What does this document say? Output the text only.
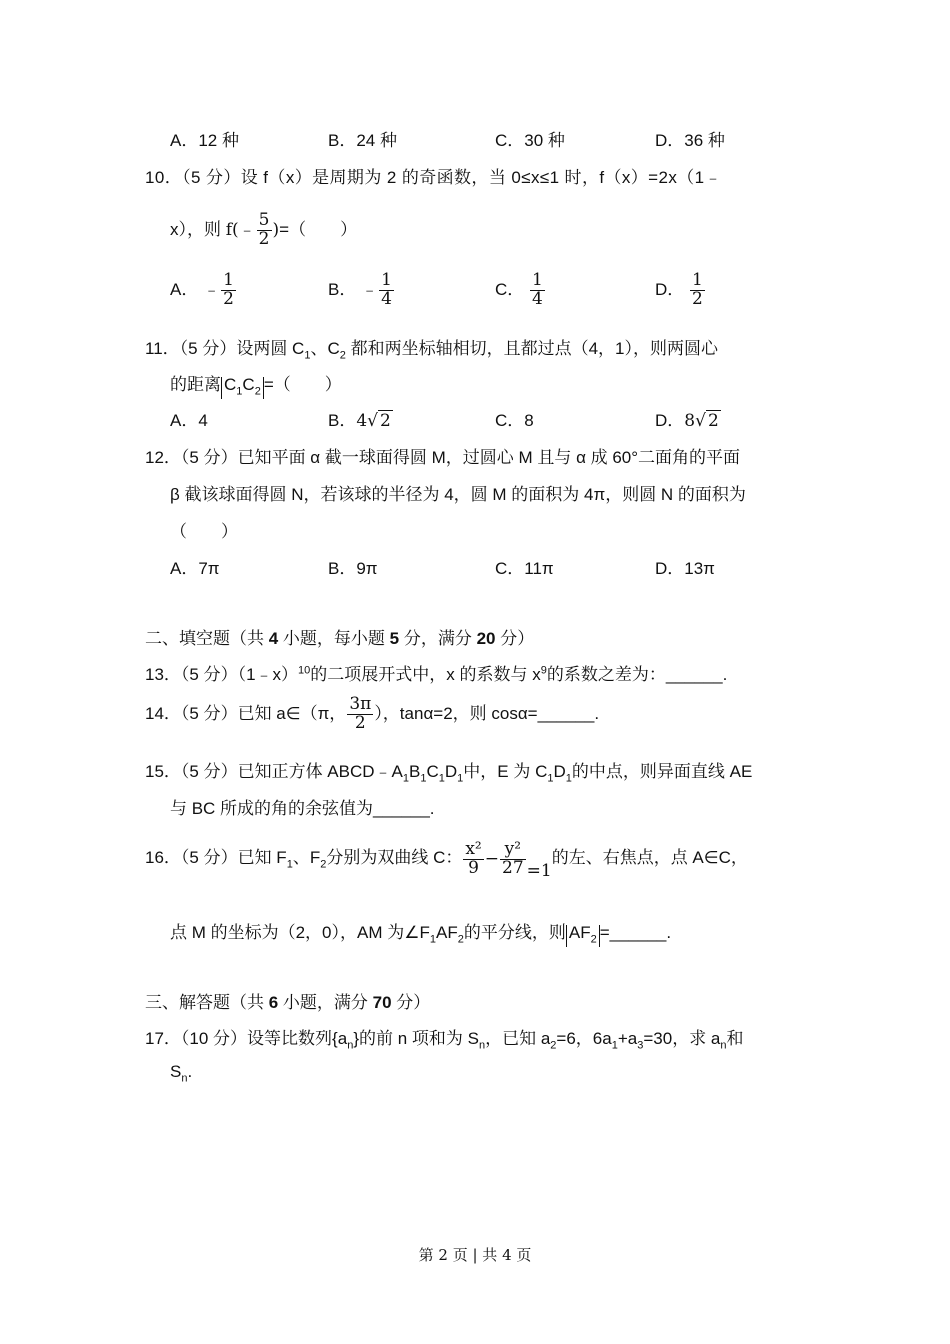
A．12 种	B．24 种	C．30 种	D．36 种
10．（5 分）设 f（x）是周期为 2 的奇函数，当 0≤x≤1 时，f（x）=2x（1﹣
x），则 f(﹣ $\frac{5}{2}$ )=（　　）
A． ﹣ $\frac{1}{2}$	B． ﹣ $\frac{1}{4}$	C． $\frac{1}{4}$	D． $\frac{1}{2}$
11．（5 分）设两圆 $C_1$、$C_2$ 都和两坐标轴相切，且都过点（4，1），则两圆心
的距离 $C_1C_2$ =（　　）
A．4	B．4√ 2	C．8	D．8√ 2
12．（5 分）已知平面 α 截一球面得圆 M，过圆心 M 且与 α 成 60°二面角的平面
β 截该球面得圆 N，若该球的半径为 4，圆 M 的面积为 4π，则圆 N 的面积为
（　　）
A．7π	B．9π	C．11π	D．13π
二、填空题（共 4 小题，每小题 5 分，满分 20 分）
13．（5 分）（1﹣x）$^{10}$的二项展开式中，x 的系数与 $x^9$的系数之差为：______.
14．（5 分）已知 a∈（π， $\frac{3\pi}{2}$ ），tanα=2，则 cosα=______.
15．（5 分）已知正方体 $ABCD﹣A_1B_1C_1D_1$中，E 为 $C_1D_1$的中点，则异面直线 AE
与 BC 所成的角的余弦值为______.
16．（5 分）已知 $F_1$、$F_2$分别为双曲线 C： $\frac{\text{x²}}{9} - \frac{\text{y²}}{27} =1$的左、右焦点，点 A∈C，
点 M 的坐标为（2，0），AM 为$\angle F_1AF_2$的平分线，则 $AF_2$ =______.
三、解答题（共 6 小题，满分 70 分）
17．（10 分）设等比数列$\{a_n\}$的前 n 项和为 $S_n$，已知 $a_2=6$，$6a_1+a_3=30$，求 $a_n$和
$S_n$.
第 2 页 | 共 4 页
